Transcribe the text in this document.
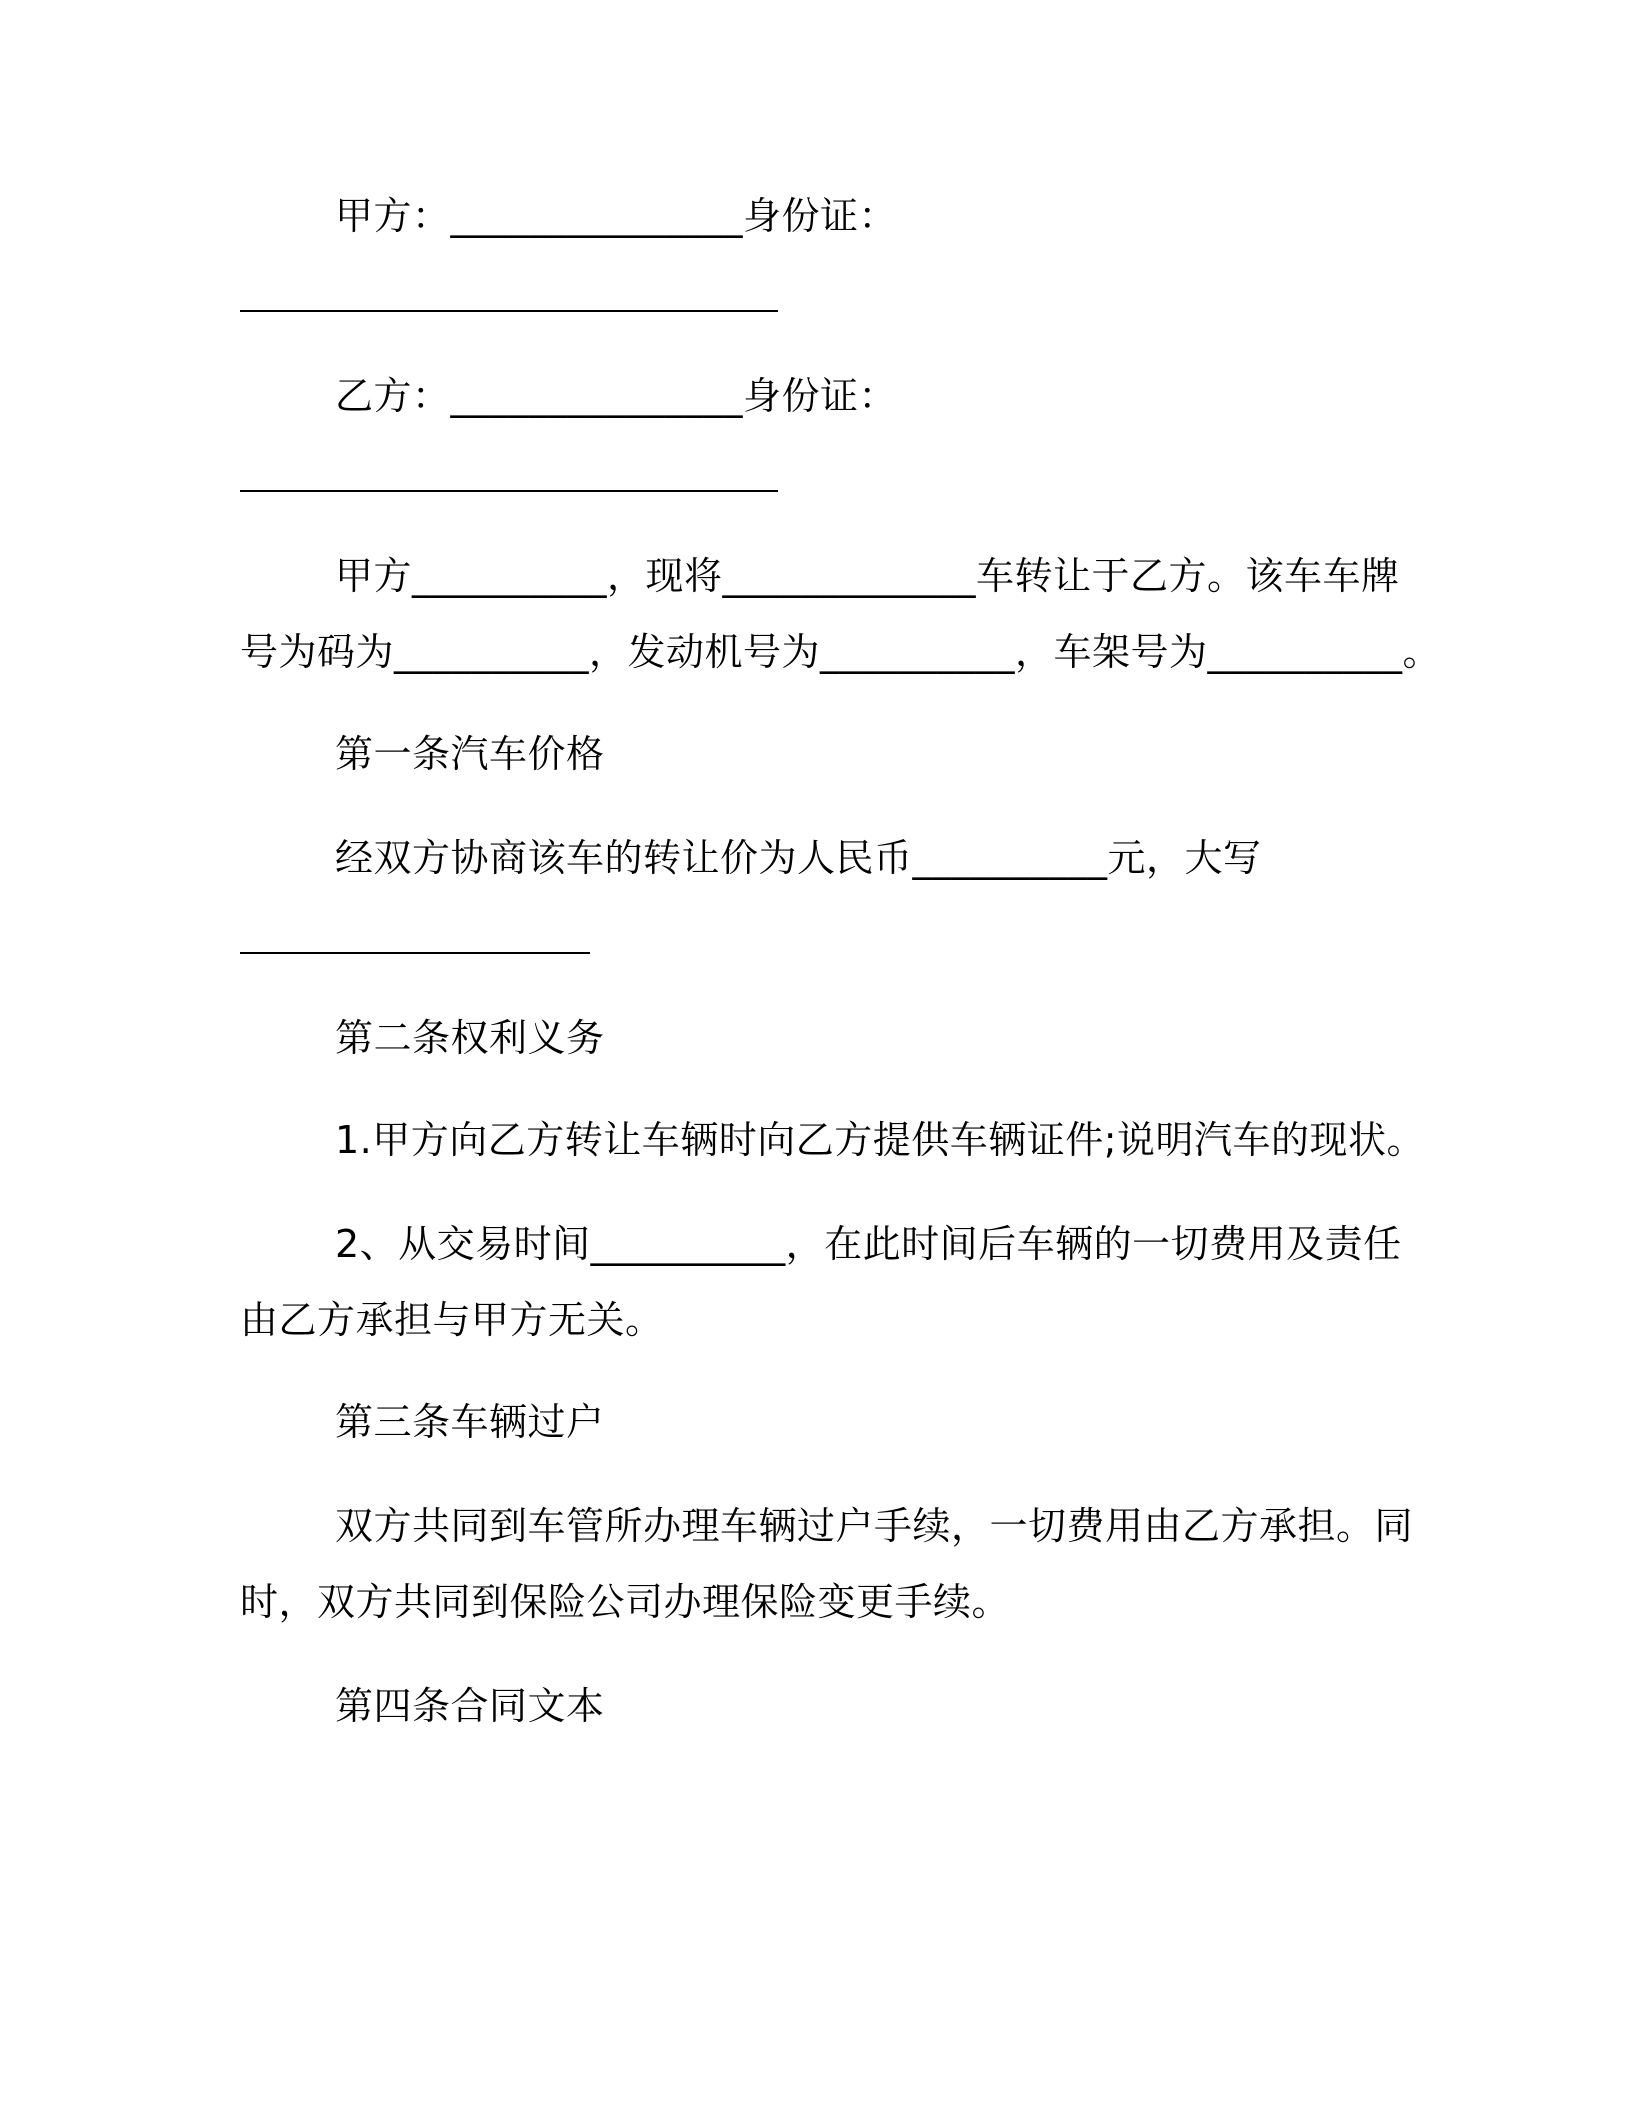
甲方：_______________身份证：
乙方：_______________身份证：
甲方__________，现将_____________车转让于乙方。该车车牌
号为码为__________，发动机号为__________，车架号为__________。
第一条汽车价格
经双方协商该车的转让价为人民币__________元，大写
第二条权利义务
1.甲方向乙方转让车辆时向乙方提供车辆证件;说明汽车的现状。
2、从交易时间__________，在此时间后车辆的一切费用及责任
由乙方承担与甲方无关。
第三条车辆过户
双方共同到车管所办理车辆过户手续，一切费用由乙方承担。同
时，双方共同到保险公司办理保险变更手续。
第四条合同文本
